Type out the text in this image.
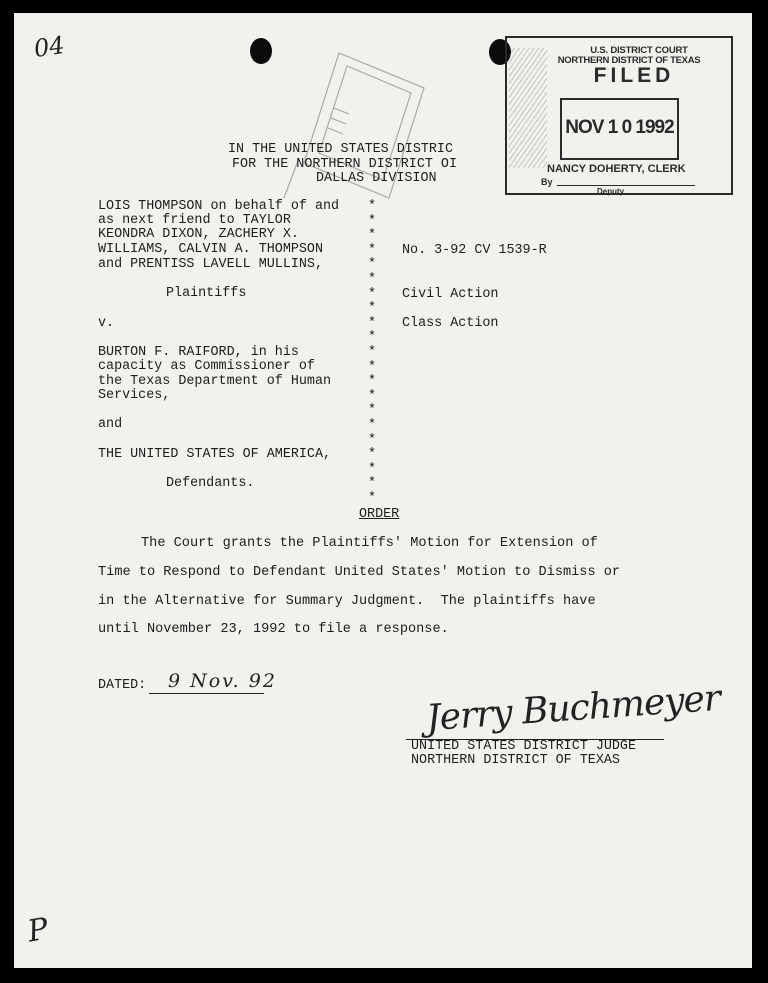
04
P
U.S. DISTRICT COURT
NORTHERN DISTRICT OF TEXAS
FILED
NOV 1 0 1992
NANCY DOHERTY, CLERK
By
Deputy
IN THE UNITED STATES DISTRIC
FOR THE NORTHERN DISTRICT OI
DALLAS DIVISION
LOIS THOMPSON on behalf of and
as next friend to TAYLOR
KEONDRA DIXON, ZACHERY X.
WILLIAMS, CALVIN A. THOMPSON
and PRENTISS LAVELL MULLINS,
Plaintiffs
v.
BURTON F. RAIFORD, in his
capacity as Commissioner of
the Texas Department of Human
Services,
and
THE UNITED STATES OF AMERICA,
Defendants.
*
*
*
*
*
*
*
*
*
*
*
*
*
*
*
*
*
*
*
*
*
No. 3-92 CV 1539-R
Civil Action
Class Action
ORDER
The Court grants the Plaintiffs' Motion for Extension of
Time to Respond to Defendant United States' Motion to Dismiss or
in the Alternative for Summary Judgment.  The plaintiffs have
until November 23, 1992 to file a response.
DATED: 9 Nov. 92	Jerry Buchmeyer
UNITED STATES DISTRICT JUDGE
NORTHERN DISTRICT OF TEXAS
